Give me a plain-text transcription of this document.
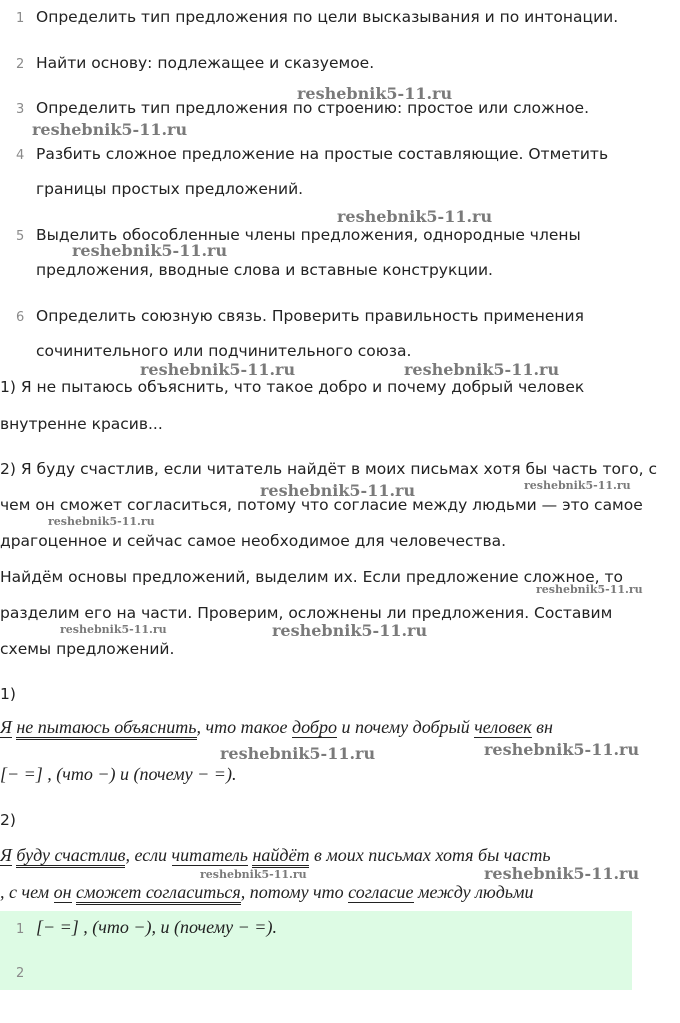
1 Определить тип предложения по цели высказывания и по интонации.
2 Найти основу: подлежащее и сказуемое.
3 Определить тип предложения по строению: простое или сложное.
4 Разбить сложное предложение на простые составляющие. Отметить
границы простых предложений.
5 Выделить обособленные члены предложения, однородные члены
предложения, вводные слова и вставные конструкции.
6 Определить союзную связь. Проверить правильность применения
сочинительного или подчинительного союза.
1) Я не пытаюсь объяснить, что такое добро и почему добрый человек
внутренне красив...
2) Я буду счастлив, если читатель найдёт в моих письмах хотя бы часть того, с
чем он сможет согласиться, потому что согласие между людьми — это самое
драгоценное и сейчас самое необходимое для человечества.
Найдём основы предложений, выделим их. Если предложение сложное, то
разделим его на части. Проверим, осложнены ли предложения. Составим
схемы предложений.
1)
Я не пытаюсь объяснить, что такое добро и почему добрый человек вн
[− =] , (что −) и (почему − =).
2)
Я буду счастлив, если читатель найдёт в моих письмах хотя бы часть
, с чем он сможет согласиться, потому что согласие между людьми
1 [− =] , (что −), и (почему − =).
2
reshebnik5-11.ru
reshebnik5-11.ru
reshebnik5-11.ru
reshebnik5-11.ru
reshebnik5-11.ru	reshebnik5-11.ru
reshebnik5-11.ru	reshebnik5-11.ru
reshebnik5-11.ru
reshebnik5-11.ru
reshebnik5-11.ru	reshebnik5-11.ru
reshebnik5-11.ru	reshebnik5-11.ru
reshebnik5-11.ru	reshebnik5-11.ru
